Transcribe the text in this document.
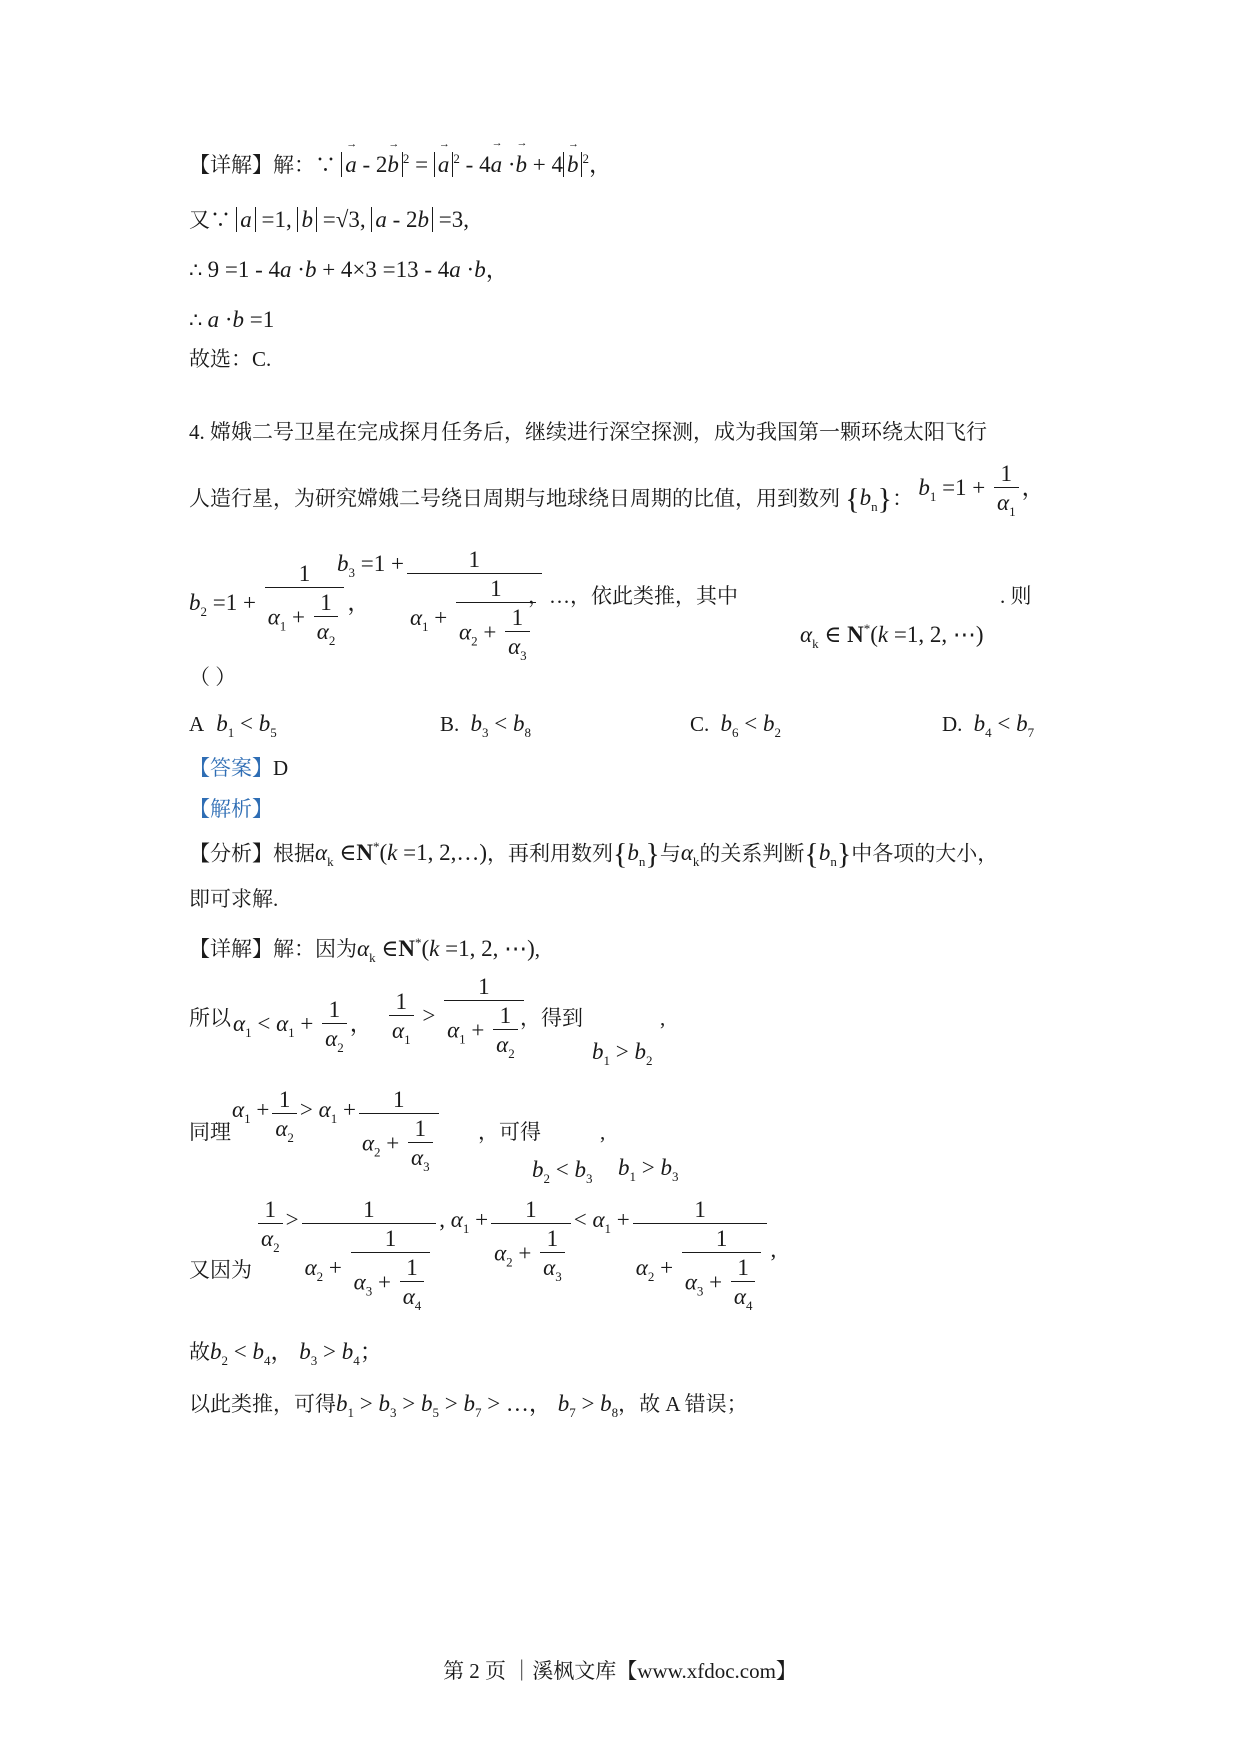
【详解】解：∵ → a - 2→ b $^2$ = → a $^2$ - 4→ a ·→ b + 4 → b $^2$，
又∵ a =1, b =√3, a - 2b =3,
∴ 9 =1 - 4a ·b + 4×3 =13 - 4a ·b，
∴ a ·b =1
故选：C.
4. 嫦娥二号卫星在完成探月任务后，继续进行深空探测，成为我国第一颗环绕太阳飞行
人造行星，为研究嫦娥二号绕日周期与地球绕日周期的比值，用到数列 $\{b_n\}$： $b_1 =1 + \frac{1}{\alpha_1}$ ，
$b_2 =1 + \frac{1}{\alpha_1 + \frac{1}{\alpha_2}}$ ，
$b_3 =1 + \frac{1}{\alpha_1 + \frac{1}{\alpha_2 + \frac{1}{\alpha_3}}}$
，…，依此类推，其中	. 则
$\alpha_k$ ∈ N*(k =1, 2, ⋯)
（ ）
A $b_1 < b_5$	B. $b_3 < b_8$	C. $b_6 < b_2$	D. $b_4 < b_7$
【答案】D
【解析】
【分析】根据$\alpha_k$ ∈N*(k =1, 2,…)，再利用数列$\{b_n\}$与$\alpha_k$的关系判断$\{b_n\}$中各项的大小，
即可求解.
【详解】解：因为$\alpha_k$ ∈N*(k =1, 2, ⋯),
所以 $\alpha_1 < \alpha_1 + \frac{1}{\alpha_2}$ ， $\frac{1}{\alpha_1} > \frac{1}{\alpha_1 + \frac{1}{\alpha_2}}$
，得到
$b_1 > b_2$
,
同理
$\alpha_1 + \frac{1}{\alpha_2} > \alpha_1 + \frac{1}{\alpha_2 + \frac{1}{\alpha_3}}$ ，可得	,
$b_2 < b_3$ $b_1 > b_3$
又因为
$\frac{1}{\alpha_2} > \frac{1}{\alpha_2 + \frac{1}{\alpha_3 + \frac{1}{\alpha_4}}}$ , $\alpha_1 + \frac{1}{\alpha_2 + \frac{1}{\alpha_3}} < \alpha_1 + \frac{1}{\alpha_2 + \frac{1}{\alpha_3 + \frac{1}{\alpha_4}}}$ ,
故$b_2 < b_4$， $b_3 > b_4$；
以此类推，可得$b_1 > b_3 > b_5 > b_7$ > …， $b_7 > b_8$，故 A 错误；
第 2 页 ｜溪枫文库【www.xfdoc.com】
